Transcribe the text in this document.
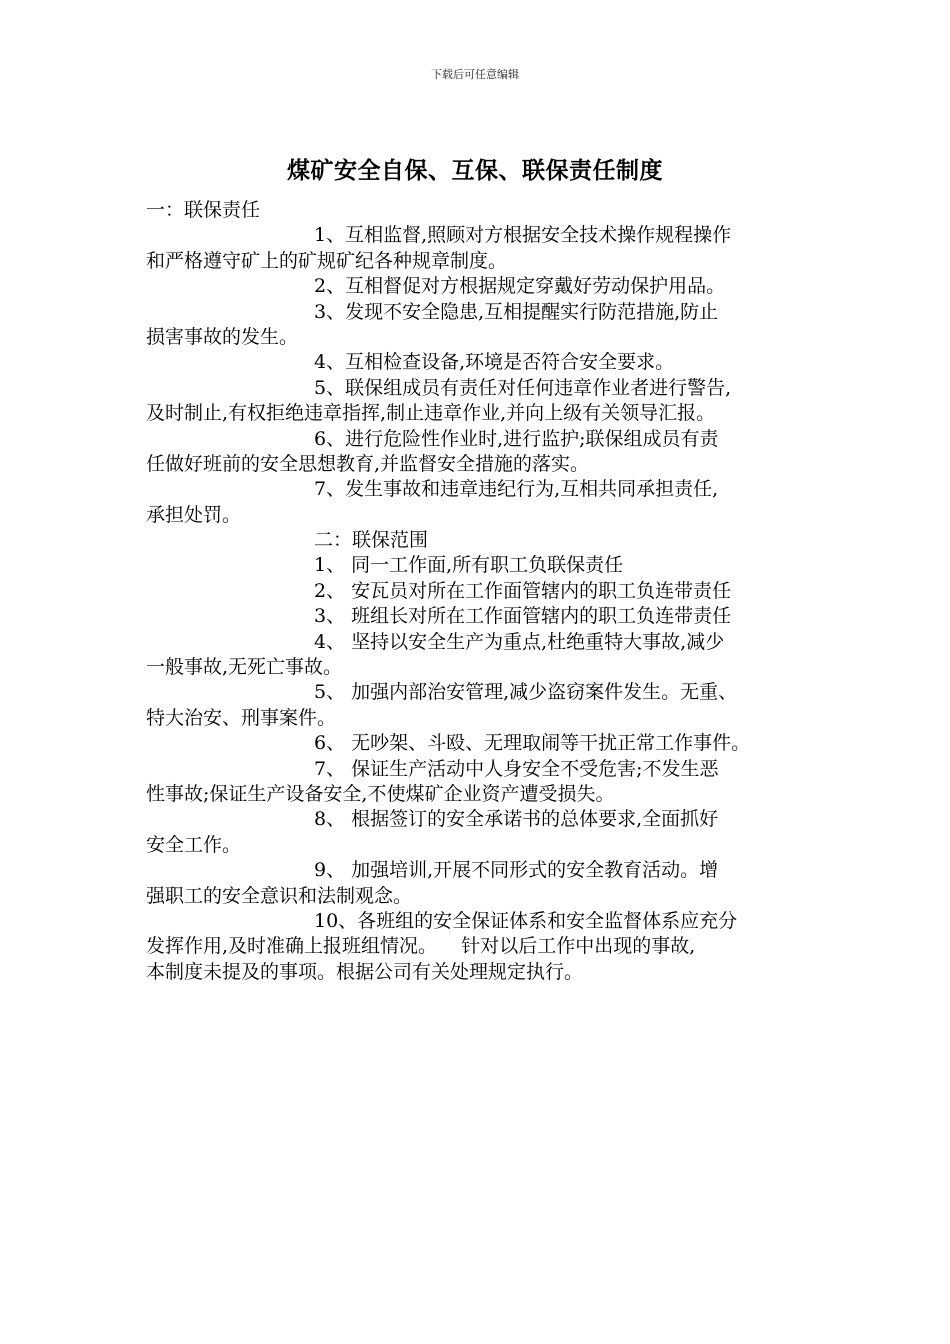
下载后可任意编辑
煤矿安全自保、互保、联保责任制度
一：联保责任
1、互相监督,照顾对方根据安全技术操作规程操作
和严格遵守矿上的矿规矿纪各种规章制度。
2、互相督促对方根据规定穿戴好劳动保护用品。
3、发现不安全隐患,互相提醒实行防范措施,防止
损害事故的发生。
4、互相检查设备,环境是否符合安全要求。
5、联保组成员有责任对任何违章作业者进行警告,
及时制止,有权拒绝违章指挥,制止违章作业,并向上级有关领导汇报。
6、进行危险性作业时,进行监护;联保组成员有责
任做好班前的安全思想教育,并监督安全措施的落实。
7、发生事故和违章违纪行为,互相共同承担责任,
承担处罚。
二：联保范围
1、 同一工作面,所有职工负联保责任
2、 安瓦员对所在工作面管辖内的职工负连带责任
3、 班组长对所在工作面管辖内的职工负连带责任
4、 坚持以安全生产为重点,杜绝重特大事故,减少
一般事故,无死亡事故。
5、 加强内部治安管理,减少盗窃案件发生。无重、
特大治安、刑事案件。
6、 无吵架、斗殴、无理取闹等干扰正常工作事件。
7、 保证生产活动中人身安全不受危害;不发生恶
性事故;保证生产设备安全,不使煤矿企业资产遭受损失。
8、 根据签订的安全承诺书的总体要求,全面抓好
安全工作。
9、 加强培训,开展不同形式的安全教育活动。增
强职工的安全意识和法制观念。
10、各班组的安全保证体系和安全监督体系应充分
发挥作用,及时准确上报班组情况。    针对以后工作中出现的事故,
本制度未提及的事项。根据公司有关处理规定执行。
